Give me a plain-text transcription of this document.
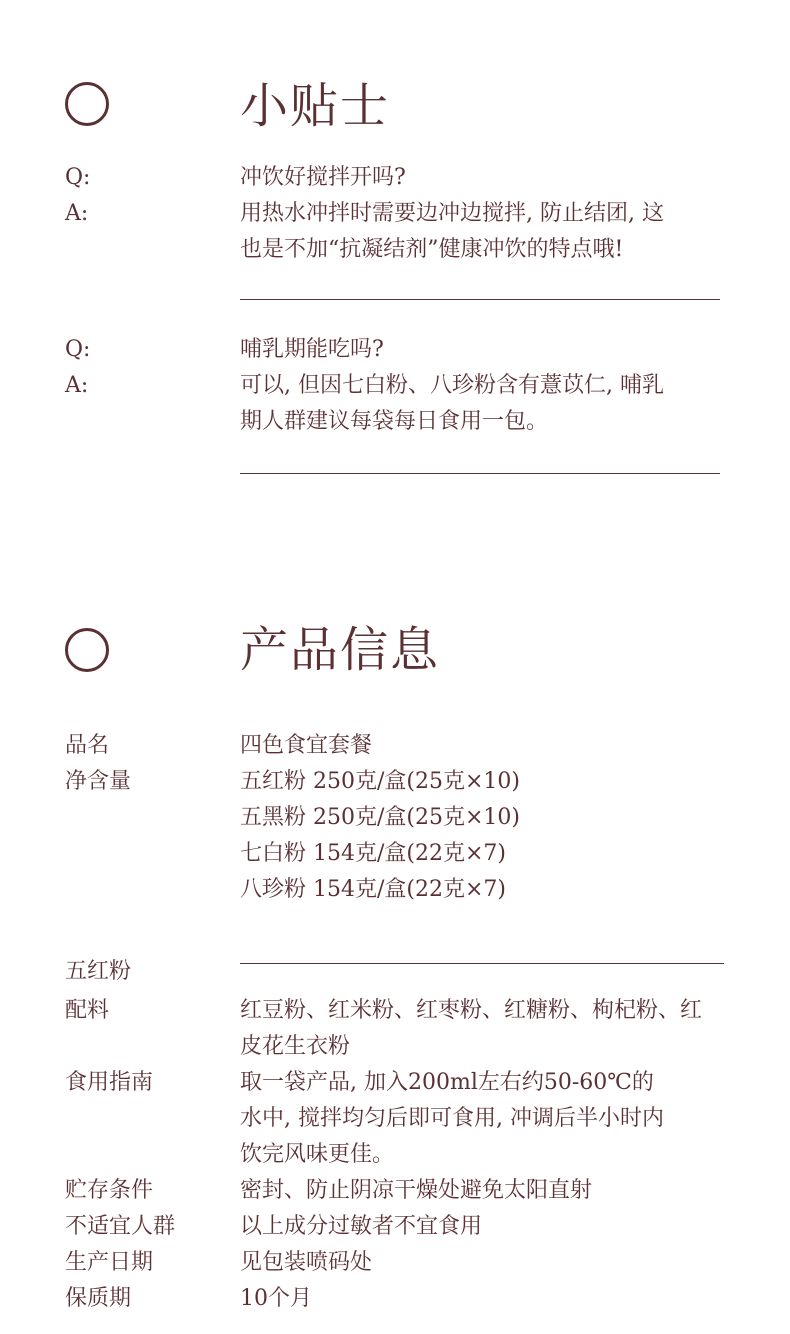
小贴士
Q:	冲饮好搅拌开吗?
A:	用热水冲拌时需要边冲边搅拌, 防止结团, 这
也是不加“抗凝结剂”健康冲饮的特点哦!
Q:	哺乳期能吃吗?
A:	可以, 但因七白粉、八珍粉含有薏苡仁, 哺乳
期人群建议每袋每日食用一包。
产品信息
品名	四色食宜套餐
净含量	五红粉 250克/盒(25克×10)
五黑粉 250克/盒(25克×10)
七白粉 154克/盒(22克×7)
八珍粉 154克/盒(22克×7)
五红粉
配料	红豆粉、红米粉、红枣粉、红糖粉、枸杞粉、红
皮花生衣粉
食用指南	取一袋产品, 加入200ml左右约50-60℃的
水中, 搅拌均匀后即可食用, 冲调后半小时内
饮完风味更佳。
贮存条件	密封、防止阴凉干燥处避免太阳直射
不适宜人群	以上成分过敏者不宜食用
生产日期	见包装喷码处
保质期	10个月
